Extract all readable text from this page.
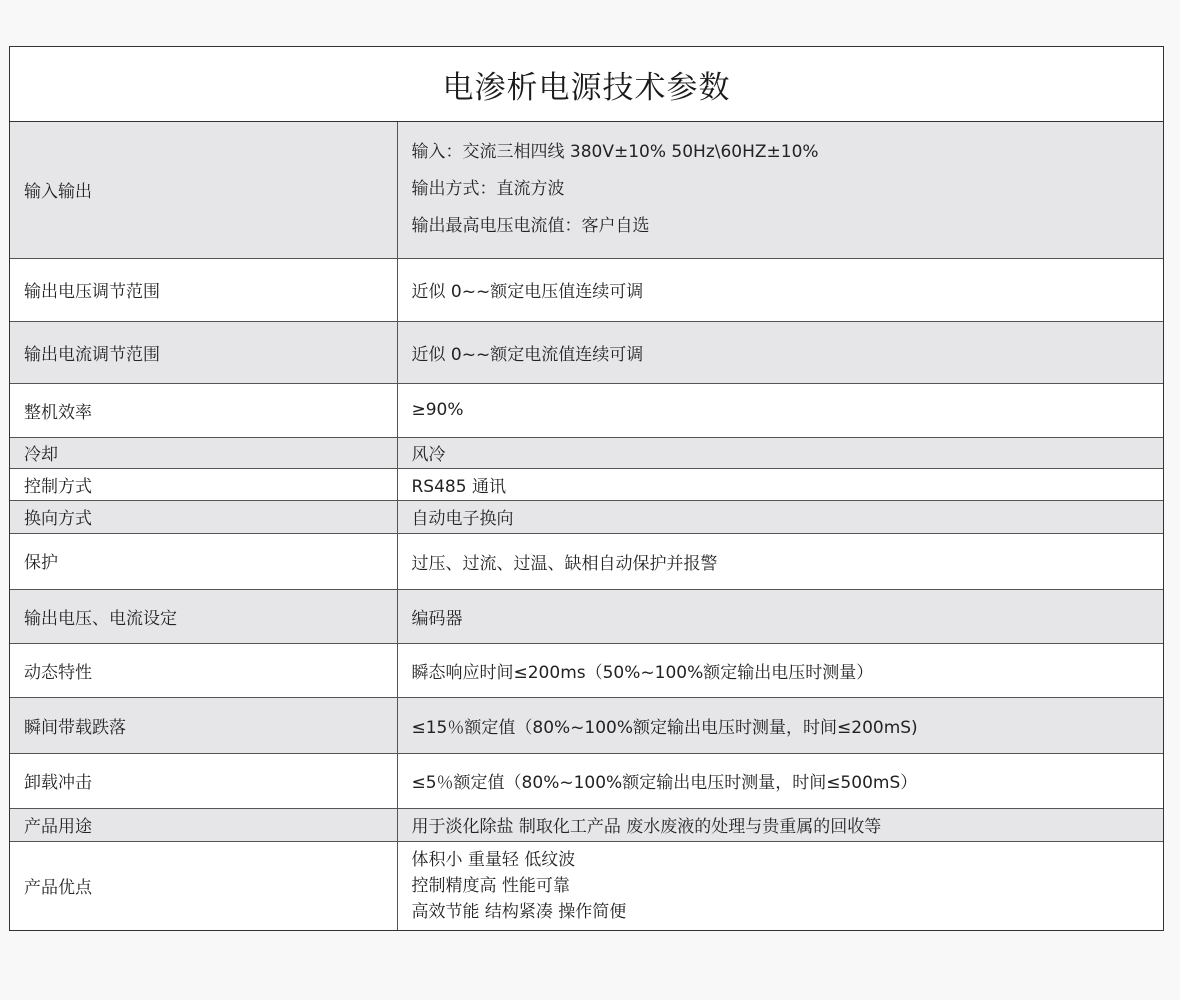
电渗析电源技术参数
输入输出	输入：交流三相四线 380V±10% 50Hz\60HZ±10%
输出方式：直流方波
输出最高电压电流值：客户自选

输出电压调节范围	近似 0~~额定电压值连续可调
输出电流调节范围	近似 0~~额定电流值连续可调
整机效率	≥90%
冷却	风冷
控制方式	RS485 通讯
换向方式	自动电子换向
保护	过压、过流、过温、缺相自动保护并报警
输出电压、电流设定	编码器
动态特性	瞬态响应时间≤200ms（50%~100%额定输出电压时测量）
瞬间带载跌落	≤15％额定值（80%~100%额定输出电压时测量，时间≤200mS)
卸载冲击	≤5％额定值（80%~100%额定输出电压时测量，时间≤500mS）
产品用途	用于淡化除盐 制取化工产品 废水废液的处理与贵重属的回收等
产品优点	体积小 重量轻 低纹波
控制精度高 性能可靠
高效节能 结构紧凑 操作简便
